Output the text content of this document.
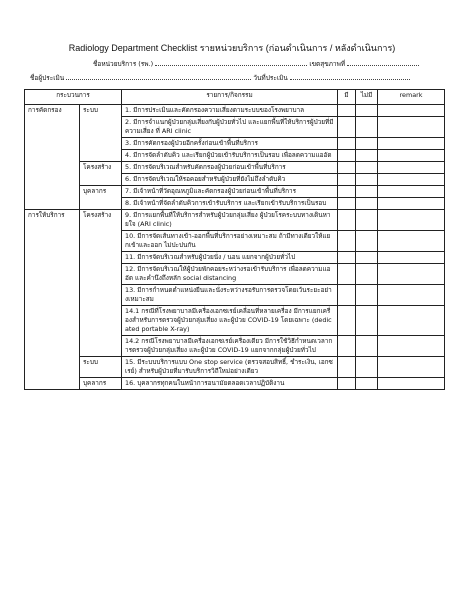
Radiology Department Checklist รายหน่วยบริการ (ก่อนดำเนินการ / หลังดำเนินการ)
ชื่อหน่วยบริการ (รพ.)	เขตสุขภาพที่
ชื่อผู้ประเมิน	วันที่ประเมิน
กระบวนการ		รายการ/กิจกรรม	มี	ไม่มี	remark
การคัดกรอง	ระบบ	1. มีการประเมินและคัดกรองความเสี่ยงตามระบบของโรงพยาบาล			
		2. มีการจำแนกผู้ป่วยกลุ่มเสี่ยงกับผู้ป่วยทั่วไป และแยกพื้นที่ให้บริการผู้ป่วยที่มีความเสี่ยง ที่ ARI clinic			
		3. มีการคัดกรองผู้ป่วยอีกครั้งก่อนเข้าพื้นที่บริการ			
		4. มีการจัดลำดับคิว และเรียกผู้ป่วยเข้ารับบริการเป็นรอบ เพื่อลดความแออัด			
	โครงสร้าง	5. มีการจัดบริเวณสำหรับคัดกรองผู้ป่วยก่อนเข้าพื้นที่บริการ			
		6. มีการจัดบริเวณให้รอคอยสำหรับผู้ป่วยที่ยังไม่ถึงลำดับคิว			
	บุคลากร	7. มีเจ้าหน้าที่วัดอุณหภูมิและคัดกรองผู้ป่วยก่อนเข้าพื้นที่บริการ			
		8. มีเจ้าหน้าที่จัดลำดับคิวการเข้ารับบริการ และเรียกเข้ารับบริการเป็นรอบ			
การให้บริการ	โครงสร้าง	9. มีการแยกพื้นที่ให้บริการสำหรับผู้ป่วยกลุ่มเสี่ยง ผู้ป่วยโรคระบบทางเดินหายใจ (ARI clinic)			
		10. มีการจัดเส้นทางเข้า-ออกพื้นที่บริการอย่างเหมาะสม ถ้ามีทางเดียวให้แยกเข้าและออก ไม่ปะปนกัน			
		11. มีการจัดบริเวณสำหรับผู้ป่วยนั่ง / นอน แยกจากผู้ป่วยทั่วไป			
		12. มีการจัดบริเวณให้ผู้ป่วยพักคอยระหว่างรอเข้ารับบริการ เพื่อลดความแออัด และคำนึงถึงหลัก social distancing			
		13. มีการกำหนดตำแหน่งยืนและนั่งระหว่างรอรับการตรวจโดยเว้นระยะอย่างเหมาะสม			
		14.1 กรณีที่โรงพยาบาลมีเครื่องเอกซเรย์เคลื่อนที่หลายเครื่อง มีการแยกเครื่องสำหรับการตรวจผู้ป่วยกลุ่มเสี่ยง และผู้ป่วย COVID-19 โดยเฉพาะ (dedicated portable X-ray)			
		14.2 กรณีโรงพยาบาลมีเครื่องเอกซเรย์เครื่องเดียว มีการใช้วิธีกำหนดเวลาการตรวจผู้ป่วยกลุ่มเสี่ยง และผู้ป่วย COVID-19 แยกจากกลุ่มผู้ป่วยทั่วไป			
	ระบบ	15. มีระบบบริการแบบ One stop service (ตรวจสอบสิทธิ์, ชำระเงิน, เอกซเรย์) สำหรับผู้ป่วยที่มารับบริการวิถีใหม่อย่างเดียว			
	บุคลากร	16. บุคลากรทุกคนในหน้าการอนามัยตลอดเวลาปฏิบัติงาน			
